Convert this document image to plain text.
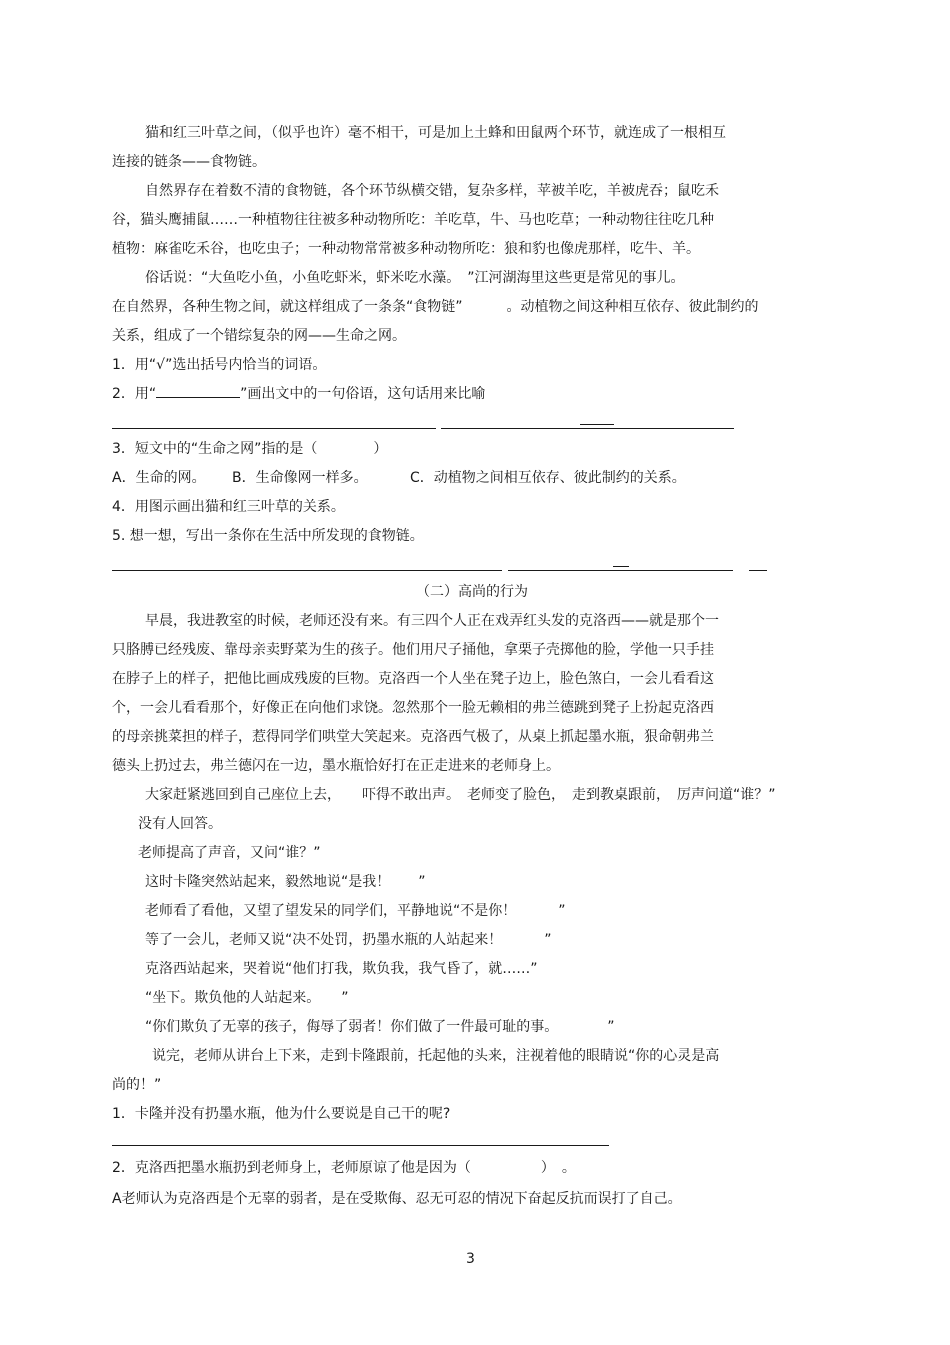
猫和红三叶草之间，（似乎也许）毫不相干，可是加上土蜂和田鼠两个环节，就连成了一根相互
连接的链条——食物链。
自然界存在着数不清的食物链，各个环节纵横交错，复杂多样，苹被羊吃，羊被虎吞；鼠吃禾
谷，猫头鹰捕鼠……一种植物往往被多种动物所吃：羊吃草，牛、马也吃草；一种动物往往吃几种
植物：麻雀吃禾谷，也吃虫子；一种动物常常被多种动物所吃：狼和豹也像虎那样，吃牛、羊。
俗话说：“大鱼吃小鱼，小鱼吃虾米，虾米吃水藻。　”江河湖海里这些更是常见的事儿。
在自然界，各种生物之间，就这样组成了一条条“食物链”	。动植物之间这种相互依存、彼此制约的
关系，组成了一个错综复杂的网——生命之网。
1．用“√”选出括号内恰当的词语。
2．用“	”画出文中的一句俗语，这句话用来比喻
3．短文中的“生命之网”指的是（　　　　）
A．生命的网。 B．生命像网一样多。	C．动植物之间相互依存、彼此制约的关系。
4．用图示画出猫和红三叶草的关系。
5. 想一想，写出一条你在生活中所发现的食物链。
（二）高尚的行为
早晨，我进教室的时候，老师还没有来。有三四个人正在戏弄红头发的克洛西——就是那个一
只胳膊已经残废、靠母亲卖野菜为生的孩子。他们用尺子捅他，拿栗子壳掷他的脸，学他一只手挂
在脖子上的样子，把他比画成残废的巨物。克洛西一个人坐在凳子边上，脸色煞白，一会儿看看这
个，一会儿看看那个，好像正在向他们求饶。忽然那个一脸无赖相的弗兰德跳到凳子上扮起克洛西
的母亲挑菜担的样子，惹得同学们哄堂大笑起来。克洛西气极了，从桌上抓起墨水瓶，狠命朝弗兰
德头上扔过去，弗兰德闪在一边，墨水瓶恰好打在正走进来的老师身上。
大家赶紧逃回到自己座位上去，　　吓得不敢出声。　老师变了脸色，　走到教桌跟前，　厉声问道“谁？”
没有人回答。
老师提高了声音，又问“谁？”
这时卡隆突然站起来，毅然地说“是我！　　”
老师看了看他，又望了望发呆的同学们，平静地说“不是你！　　　”
等了一会儿，老师又说“决不处罚，扔墨水瓶的人站起来！　　　”
克洛西站起来，哭着说“他们打我，欺负我，我气昏了，就……”
“坐下。欺负他的人站起来。　　”
“你们欺负了无辜的孩子，侮辱了弱者！你们做了一件最可耻的事。　　　　”
说完，老师从讲台上下来，走到卡隆跟前，托起他的头来，注视着他的眼睛说“你的心灵是高
尚的！”
1．卡隆并没有扔墨水瓶，他为什么要说是自己干的呢?
2．克洛西把墨水瓶扔到老师身上，老师原谅了他是因为（　　　　　）　。
A老师认为克洛西是个无辜的弱者，是在受欺侮、忍无可忍的情况下奋起反抗而误打了自己。
3
